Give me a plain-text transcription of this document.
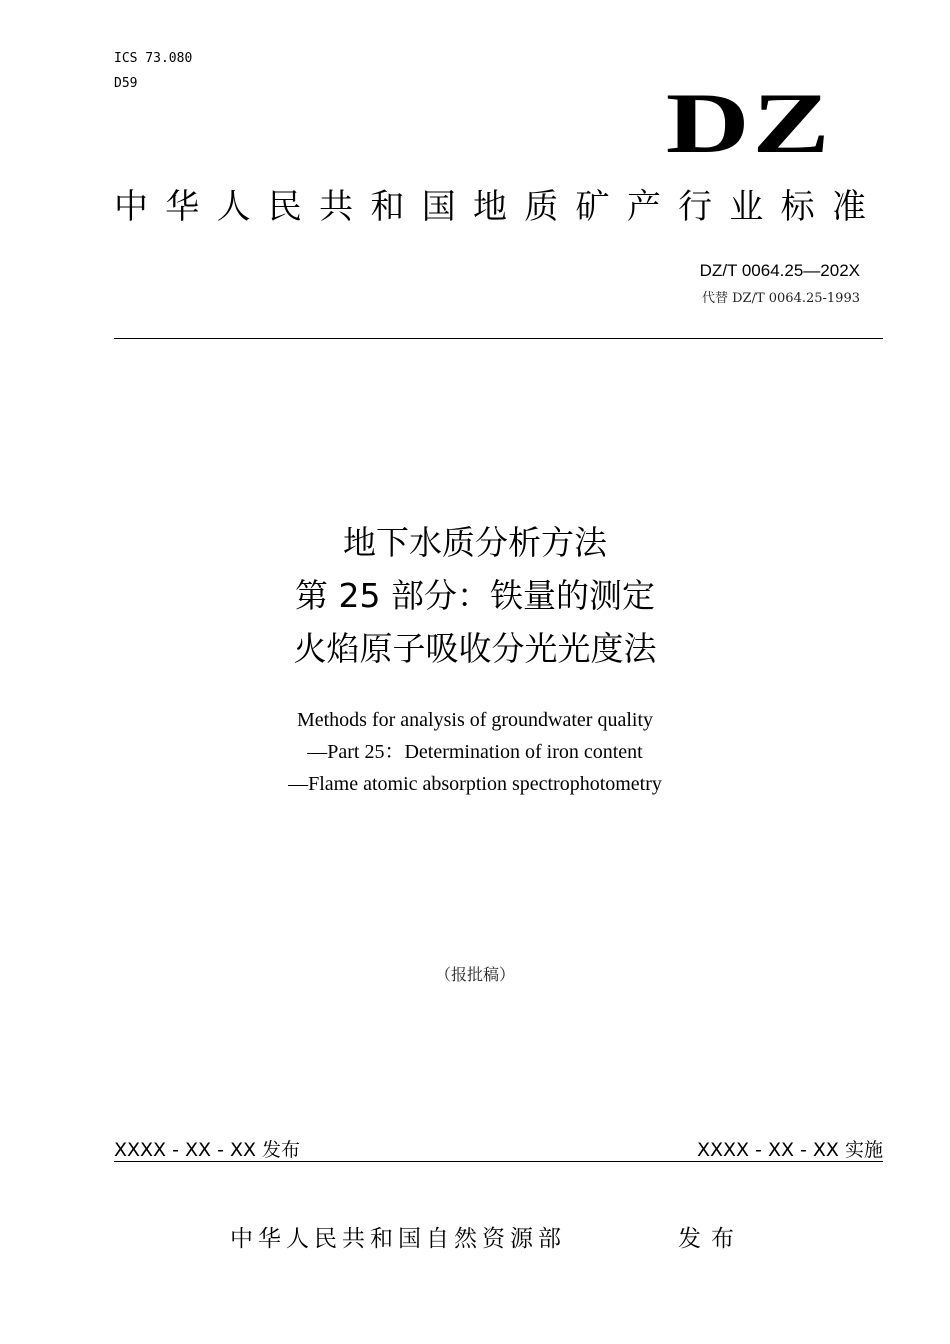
ICS 73.080
D59	DZ
中 华 人 民 共 和 国 地 质 矿 产 行 业 标 准
DZ/T 0064.25—202X
代替 DZ/T 0064.25-1993
地下水质分析方法
第 25 部分：铁量的测定
火焰原子吸收分光光度法
Methods for analysis of groundwater quality
—Part 25：Determination of iron content
—Flame atomic absorption spectrophotometry
（报批稿）
XXXX - XX - XX 发布	XXXX - XX - XX 实施
中华人民共和国自然资源部	发布
